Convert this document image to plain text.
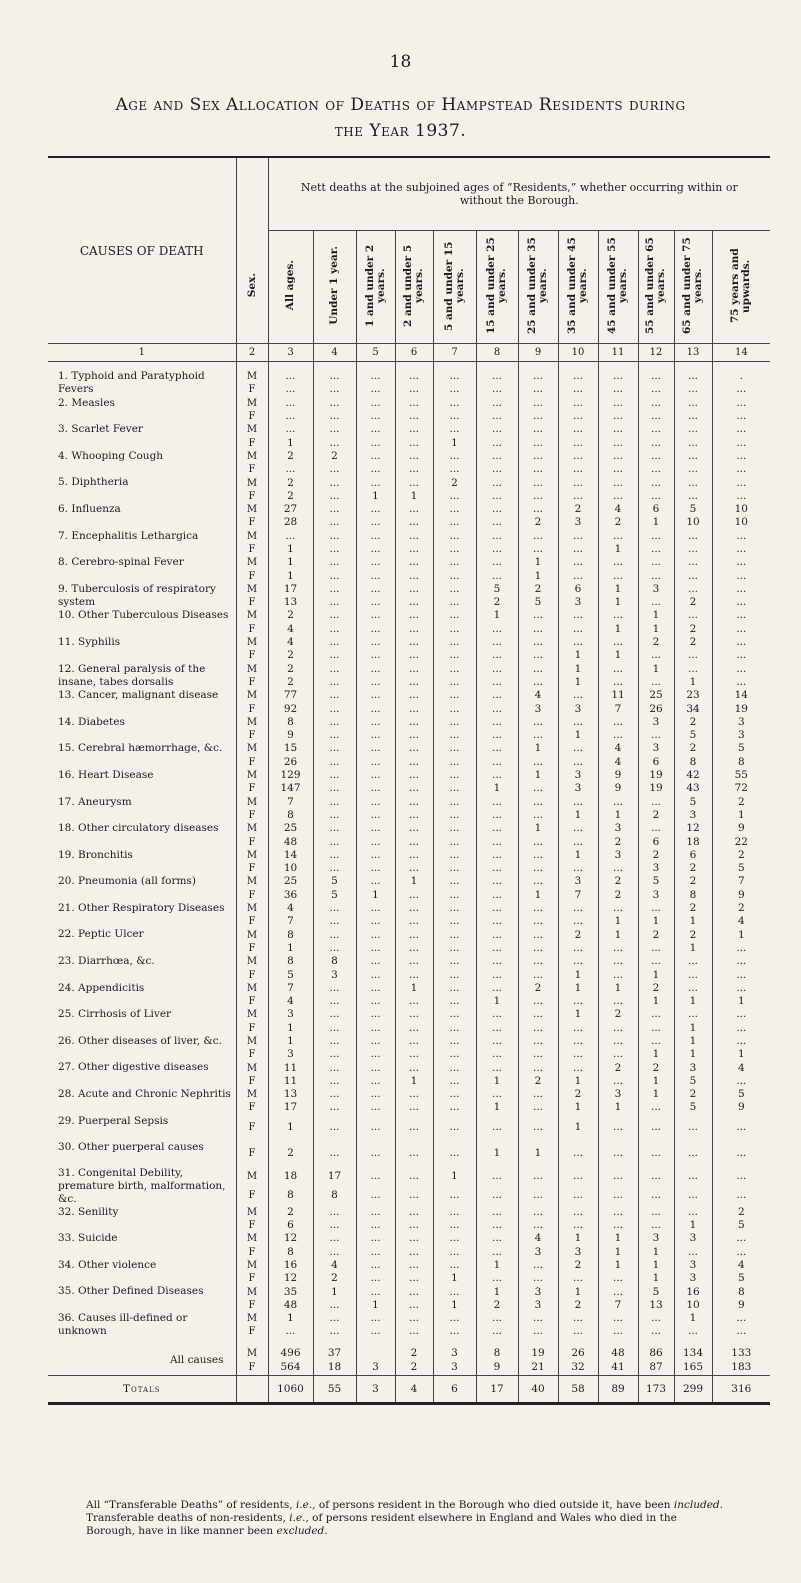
18
Age and Sex Allocation of Deaths of Hampstead Residents during
the Year 1937.
CAUSES OF DEATH		Nett deaths at the subjoined ages of “Residents,” whether occurring within or without the Borough.											
	Sex.	All ages.	Under 1 year.	1 and under 2 years.	2 and under 5 years.	5 and under 15 years.	15 and under 25 years.	25 and under 35 years.	35 and under 45 years.	45 and under 55 years.	55 and under 65 years.	65 and under 75 years.	75 years and upwards.
1	2	3	4	5	6	7	8	9	10	11	12	13	14

1. Typhoid and Paratyphoid Fevers	M	...	...	...	...	...	...	...	...	...	...	...	.
	F	...	...	...	...	...	...	...	...	...	...	...	...
2. Measles	M	...	...	...	...	...	...	...	...	...	...	...	...
	F	...	...	...	...	...	...	...	...	...	...	...	...
3. Scarlet Fever	M	...	...	...	...	...	...	...	...	...	...	...	...
	F	1	...	...	...	1	...	...	...	...	...	...	...
4. Whooping Cough	M	2	2	...	...	...	...	...	...	...	...	...	...
	F	...	...	...	...	...	...	...	...	...	...	...	...
5. Diphtheria	M	2	...	...	...	2	...	...	...	...	...	...	...
	F	2	...	1	1	...	...	...	...	...	...	...	...
6. Influenza	M	27	...	...	...	...	...	...	2	4	6	5	10
	F	28	...	...	...	...	...	2	3	2	1	10	10
7. Encephalitis Lethargica	M	...	...	...	...	...	...	...	...	...	...	...	...
	F	1	...	...	...	...	...	...	...	1	...	...	...
8. Cerebro-spinal Fever	M	1	...	...	...	...	...	1	...	...	...	...	...
	F	1	...	...	...	...	...	1	...	...	...	...	...
9. Tuberculosis of respiratory system	M	17	...	...	...	...	5	2	6	1	3	...	...
	F	13	...	...	...	...	2	5	3	1	...	2	...
10. Other Tuberculous Diseases	M	2	...	...	...	...	1	...	...	...	1	...	...
	F	4	...	...	...	...	...	...	...	1	1	2	...
11. Syphilis	M	4	...	...	...	...	...	...	...	...	2	2	...
	F	2	...	...	...	...	...	...	1	1	...	...	...
12. General paralysis of the insane, tabes dorsalis	M	2	...	...	...	...	...	...	1	...	1	...	...
	F	2	...	...	...	...	...	...	1	...	...	1	...
13. Cancer, malignant disease	M	77	...	...	...	...	...	4	...	11	25	23	14
	F	92	...	...	...	...	...	3	3	7	26	34	19
14. Diabetes	M	8	...	...	...	...	...	...	...	...	3	2	3
	F	9	...	...	...	...	...	...	1	...	...	5	3
15. Cerebral hæmorrhage, &c.	M	15	...	...	...	...	...	1	...	4	3	2	5
	F	26	...	...	...	...	...	...	...	4	6	8	8
16. Heart Disease	M	129	...	...	...	...	...	1	3	9	19	42	55
	F	147	...	...	...	...	1	...	3	9	19	43	72
17. Aneurysm	M	7	...	...	...	...	...	...	...	...	...	5	2
	F	8	...	...	...	...	...	...	1	1	2	3	1
18. Other circulatory diseases	M	25	...	...	...	...	...	1	...	3	...	12	9
	F	48	...	...	...	...	...	...	...	2	6	18	22
19. Bronchitis	M	14	...	...	...	...	...	...	1	3	2	6	2
	F	10	...	...	...	...	...	...	...	...	3	2	5
20. Pneumonia (all forms)	M	25	5	...	1	...	...	...	3	2	5	2	7
	F	36	5	1	...	...	...	1	7	2	3	8	9
21. Other Respiratory Diseases	M	4	...	...	...	...	...	...	...	...	...	2	2
	F	7	...	...	...	...	...	...	...	1	1	1	4
22. Peptic Ulcer	M	8	...	...	...	...	...	...	2	1	2	2	1
	F	1	...	...	...	...	...	...	...	...	...	1	...
23. Diarrhœa, &c.	M	8	8	...	...	...	...	...	...	...	...	...	...
	F	5	3	...	...	...	...	...	1	...	1	...	...
24. Appendicitis	M	7	...	...	1	...	...	2	1	1	2	...	...
	F	4	...	...	...	...	1	...	...	...	1	1	1
25. Cirrhosis of Liver	M	3	...	...	...	...	...	...	1	2	...	...	...
	F	1	...	...	...	...	...	...	...	...	...	1	...
26. Other diseases of liver, &c.	M	1	...	...	...	...	...	...	...	...	...	1	...
	F	3	...	...	...	...	...	...	...	...	1	1	1
27. Other digestive diseases	M	11	...	...	...	...	...	...	...	2	2	3	4
	F	11	...	...	1	...	1	2	1	...	1	5	...
28. Acute and Chronic Nephritis	M	13	...	...	...	...	...	...	2	3	1	2	5
	F	17	...	...	...	...	1	...	1	1	...	5	9
29. Puerperal Sepsis	F	1	...	...	...	...	...	...	1	...	...	...	...
30. Other puerperal causes	F	2	...	...	...	...	1	1	...	...	...	...	...
31. Congenital Debility, premature birth, malformation, &c.	M	18	17	...	...	1	...	...	...	...	...	...	...
	F	8	8	...	...	...	...	...	...	...	...	...	...
32. Senility	M	2	...	...	...	...	...	...	...	...	...	...	2
	F	6	...	...	...	...	...	...	...	...	...	1	5
33. Suicide	M	12	...	...	...	...	...	4	1	1	3	3	...
	F	8	...	...	...	...	...	3	3	1	1	...	...
34. Other violence	M	16	4	...	...	...	1	...	2	1	1	3	4
	F	12	2	...	...	1	...	...	...	...	1	3	5
35. Other Defined Diseases	M	35	1	...	...	...	1	3	1	...	5	16	8
	F	48	...	1	...	1	2	3	2	7	13	10	9
36. Causes ill-defined or unknown	M	1	...	...	...	...	...	...	...	...	...	1	...
	F	...	...	...	...	...	...	...	...	...	...	...	...

All causes	M	496	37		2	3	8	19	26	48	86	134	133
	F	564	18	3	2	3	9	21	32	41	87	165	183
Totals		1060	55	3	4	6	17	40	58	89	173	299	316
All “Transferable Deaths” of residents, i.e., of persons resident in the Borough who died outside it, have been included. Transferable deaths of non-residents, i.e., of persons resident elsewhere in England and Wales who died in the Borough, have in like manner been excluded.
